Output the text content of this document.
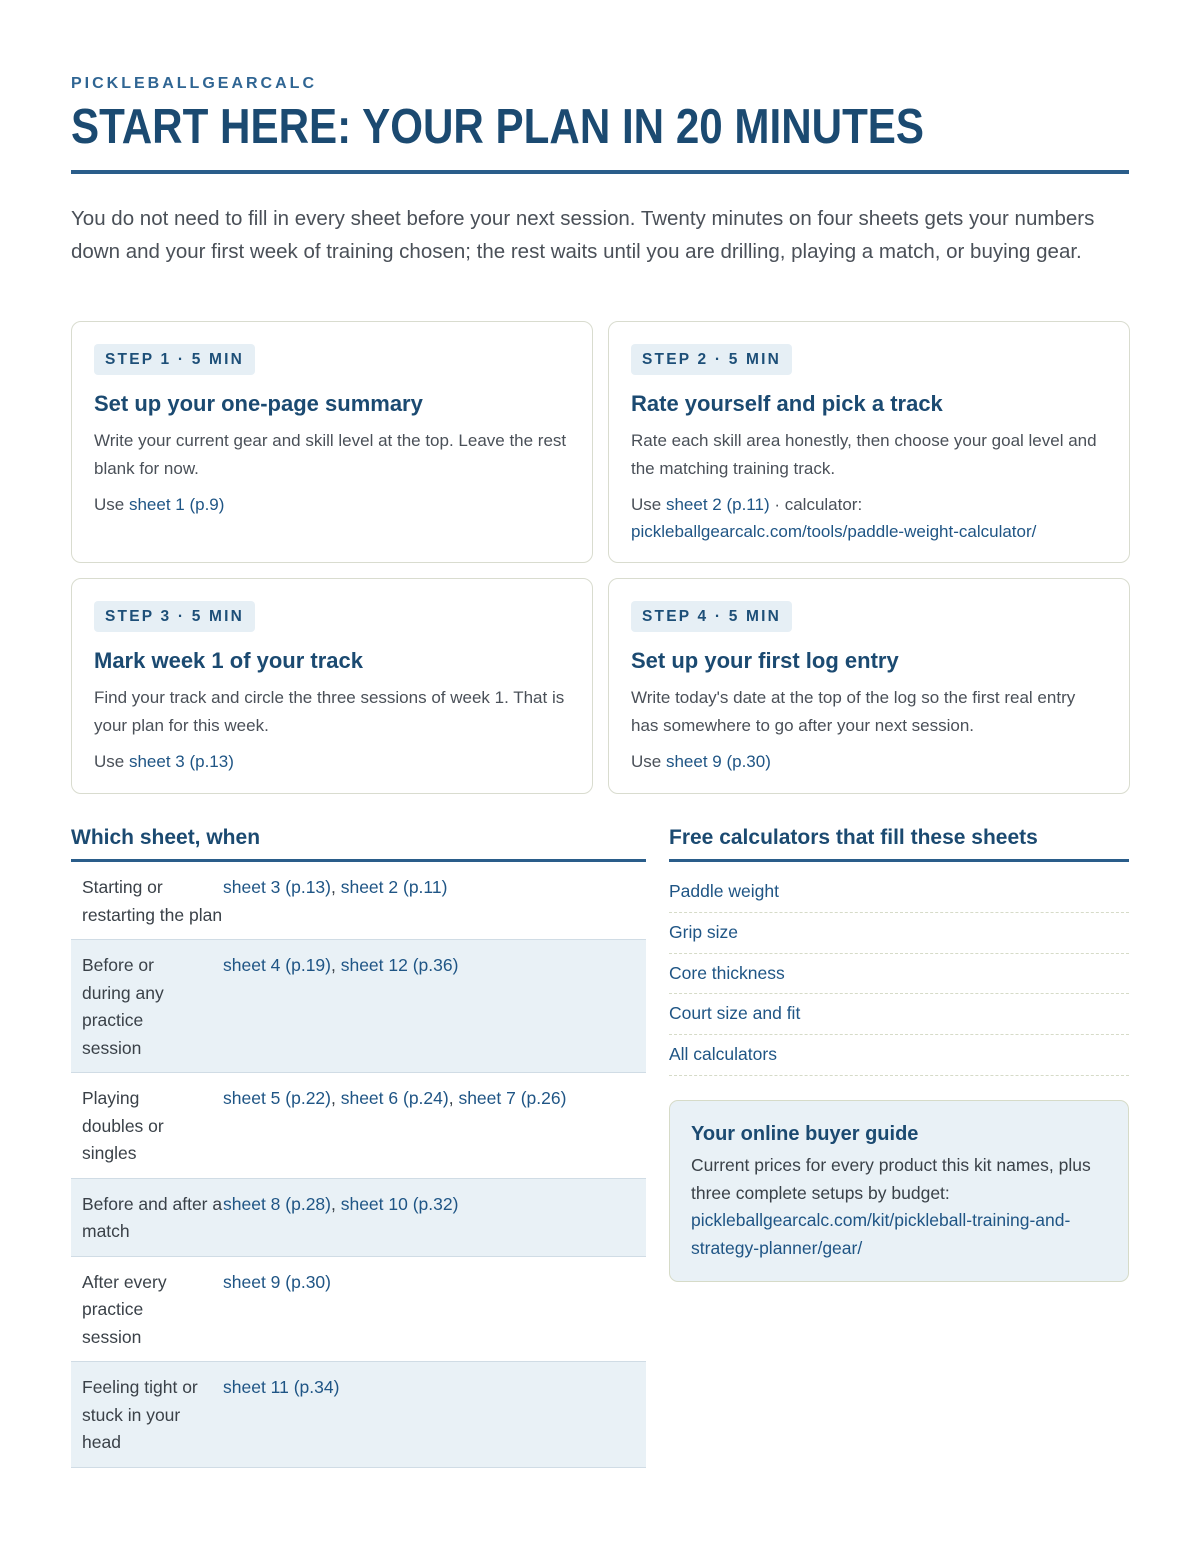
PICKLEBALLGEARCALC
START HERE: YOUR PLAN IN 20 MINUTES

You do not need to fill in every sheet before your next session. Twenty minutes on four sheets gets your numbers down and your first week of training chosen; the rest waits until you are drilling, playing a match, or buying gear.

STEP 1 · 5 MIN
Set up your one-page summary
Write your current gear and skill level at the top. Leave the rest blank for now.
Use sheet 1 (p.9)
STEP 2 · 5 MIN
Rate yourself and pick a track
Rate each skill area honestly, then choose your goal level and the matching training track.
Use sheet 2 (p.11) · calculator:
pickleballgearcalc.com/tools/paddle-weight-calculator/
STEP 3 · 5 MIN
Mark week 1 of your track
Find your track and circle the three sessions of week 1. That is your plan for this week.
Use sheet 3 (p.13)
STEP 4 · 5 MIN
Set up your first log entry
Write today's date at the top of the log so the first real entry has somewhere to go after your next session.
Use sheet 9 (p.30)
Which sheet, when
Starting or restarting the plan
sheet 3 (p.13), sheet 2 (p.11)
Before or during any practice session
sheet 4 (p.19), sheet 12 (p.36)
Playing doubles or singles
sheet 5 (p.22), sheet 6 (p.24), sheet 7 (p.26)
Before and after a match
sheet 8 (p.28), sheet 10 (p.32)
After every practice session
sheet 9 (p.30)
Feeling tight or stuck in your head
sheet 11 (p.34)
Free calculators that fill these sheets
Paddle weight
Grip size
Core thickness
Court size and fit
All calculators
Your online buyer guide
Current prices for every product this kit names, plus three complete setups by budget:
pickleballgearcalc.com/kit/pickleball-training-and-strategy-planner/gear/
